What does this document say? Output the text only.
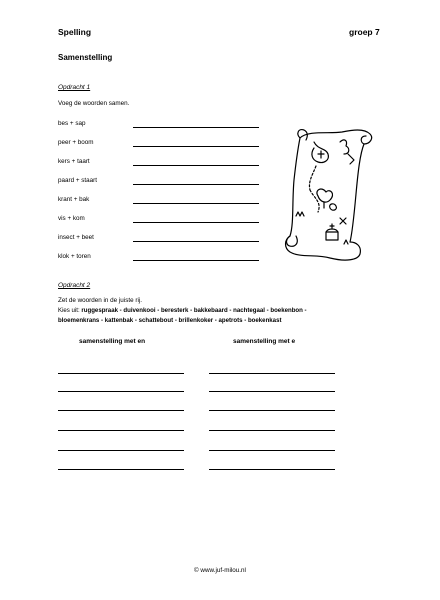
Spelling	groep 7
Samenstelling
Opdracht 1
Voeg de woorden samen.
bes + sap
peer + boom
kers + taart
paard + staart
krant + bak
vis + kom
insect + beet
klok + toren
Opdracht 2
Zet de woorden in de juiste rij.
Kies uit: ruggespraak - duivenkooi - beresterk - bakkebaard - nachtegaal - boekenbon -
bloemenkrans - kattenbak - schattebout - brillenkoker - apetrots - boekenkast
samenstelling met en	samenstelling met e
© www.juf-milou.nl
